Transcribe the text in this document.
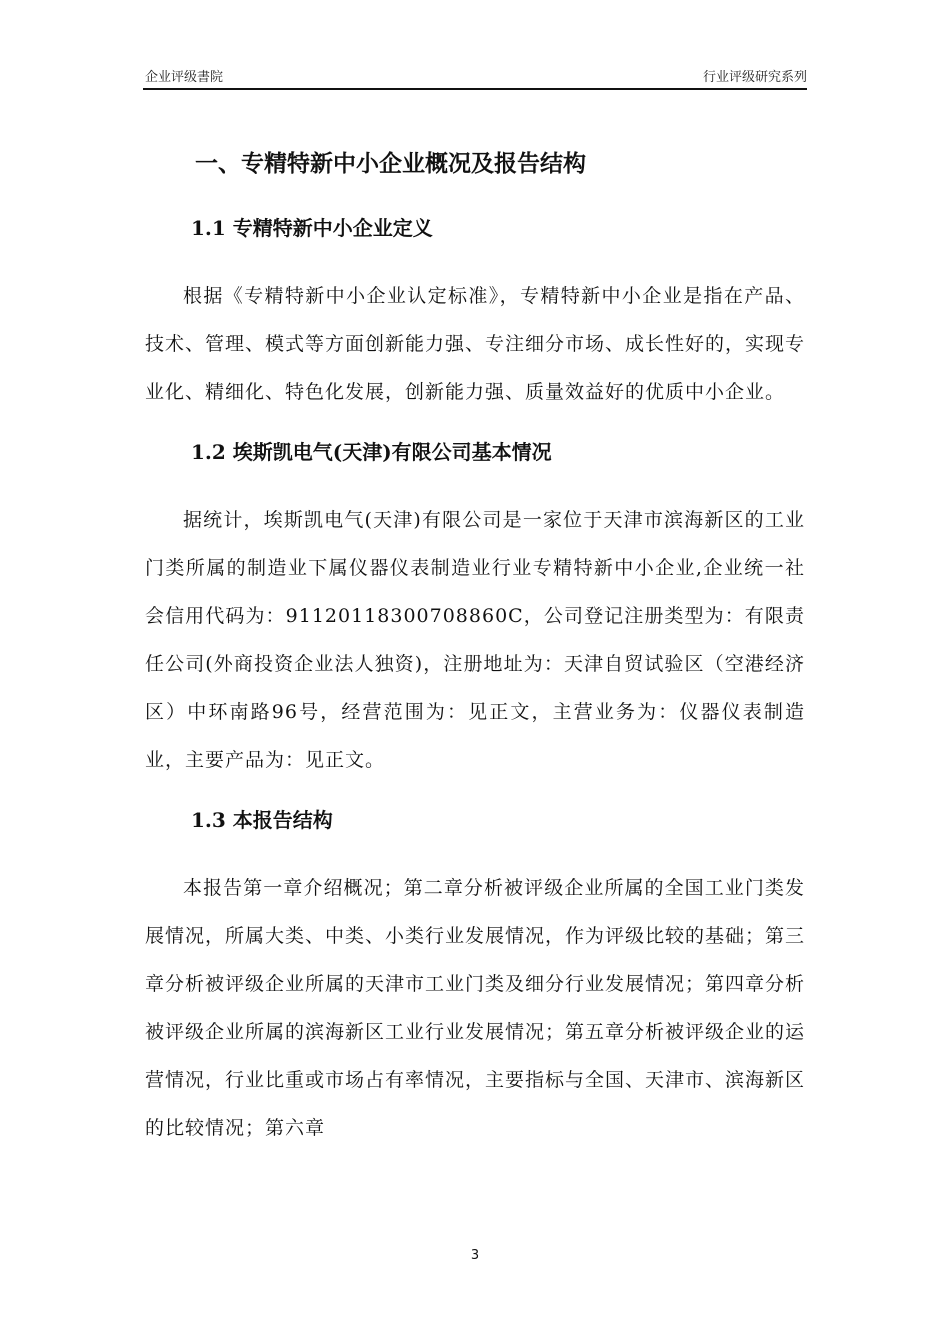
企业评级書院	行业评级研究系列
一、专精特新中小企业概况及报告结构
1.1 专精特新中小企业定义

根据《专精特新中小企业认定标准》，专精特新中小企业是指在产品、技术、管理、模式等方面创新能力强、专注细分市场、成长性好的，实现专业化、精细化、特色化发展，创新能力强、质量效益好的优质中小企业。

1.2 埃斯凯电气(天津)有限公司基本情况

据统计，埃斯凯电气(天津)有限公司是一家位于天津市滨海新区的工业门类所属的制造业下属仪器仪表制造业行业专精特新中小企业,企业统一社会信用代码为：91120118300708860C，公司登记注册类型为：有限责任公司(外商投资企业法人独资)，注册地址为：天津自贸试验区（空港经济区）中环南路96号，经营范围为：见正文，主营业务为：仪器仪表制造业，主要产品为：见正文。

1.3 本报告结构

本报告第一章介绍概况；第二章分析被评级企业所属的全国工业门类发展情况，所属大类、中类、小类行业发展情况，作为评级比较的基础；第三章分析被评级企业所属的天津市工业门类及细分行业发展情况；第四章分析被评级企业所属的滨海新区工业行业发展情况；第五章分析被评级企业的运营情况，行业比重或市场占有率情况，主要指标与全国、天津市、滨海新区的比较情况；第六章

3
